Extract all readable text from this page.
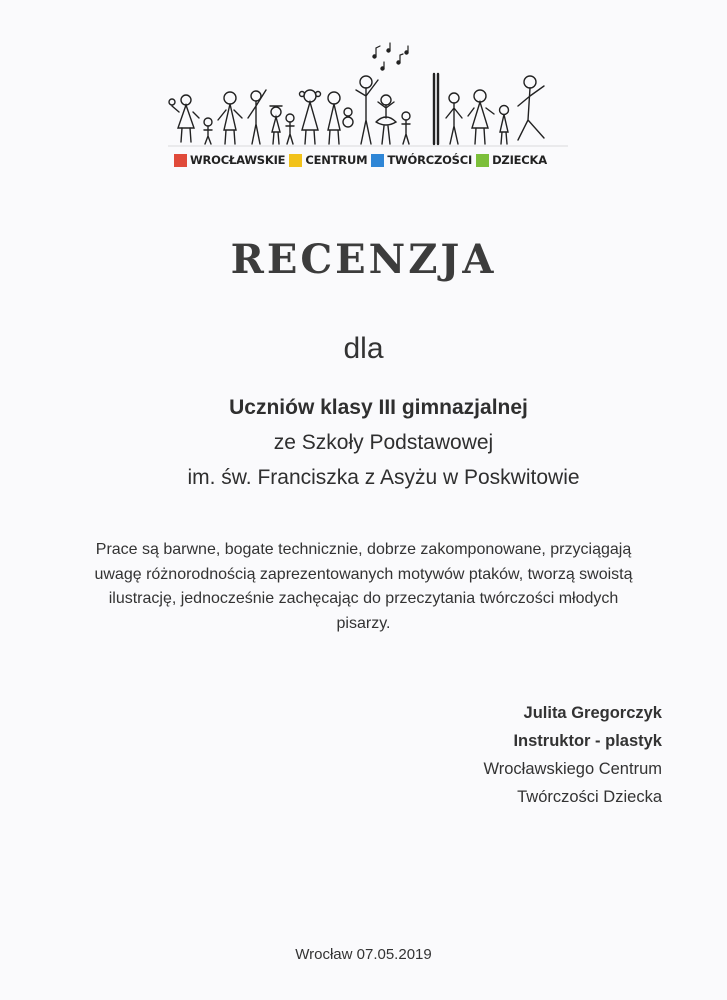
WROCŁAWSKIE CENTRUM TWÓRCZOŚCI DZIECKA
RECENZJA
dla
Uczniów klasy III gimnazjalnej
ze Szkoły Podstawowej
im. św. Franciszka z Asyżu w Poskwitowie
Prace są barwne, bogate technicznie, dobrze zakomponowane, przyciągają uwagę różnorodnością zaprezentowanych motywów ptaków, tworzą swoistą ilustrację, jednocześnie zachęcając do przeczytania twórczości młodych pisarzy.
Julita Gregorczyk
Instruktor - plastyk
Wrocławskiego Centrum
Twórczości Dziecka
Wrocław 07.05.2019
